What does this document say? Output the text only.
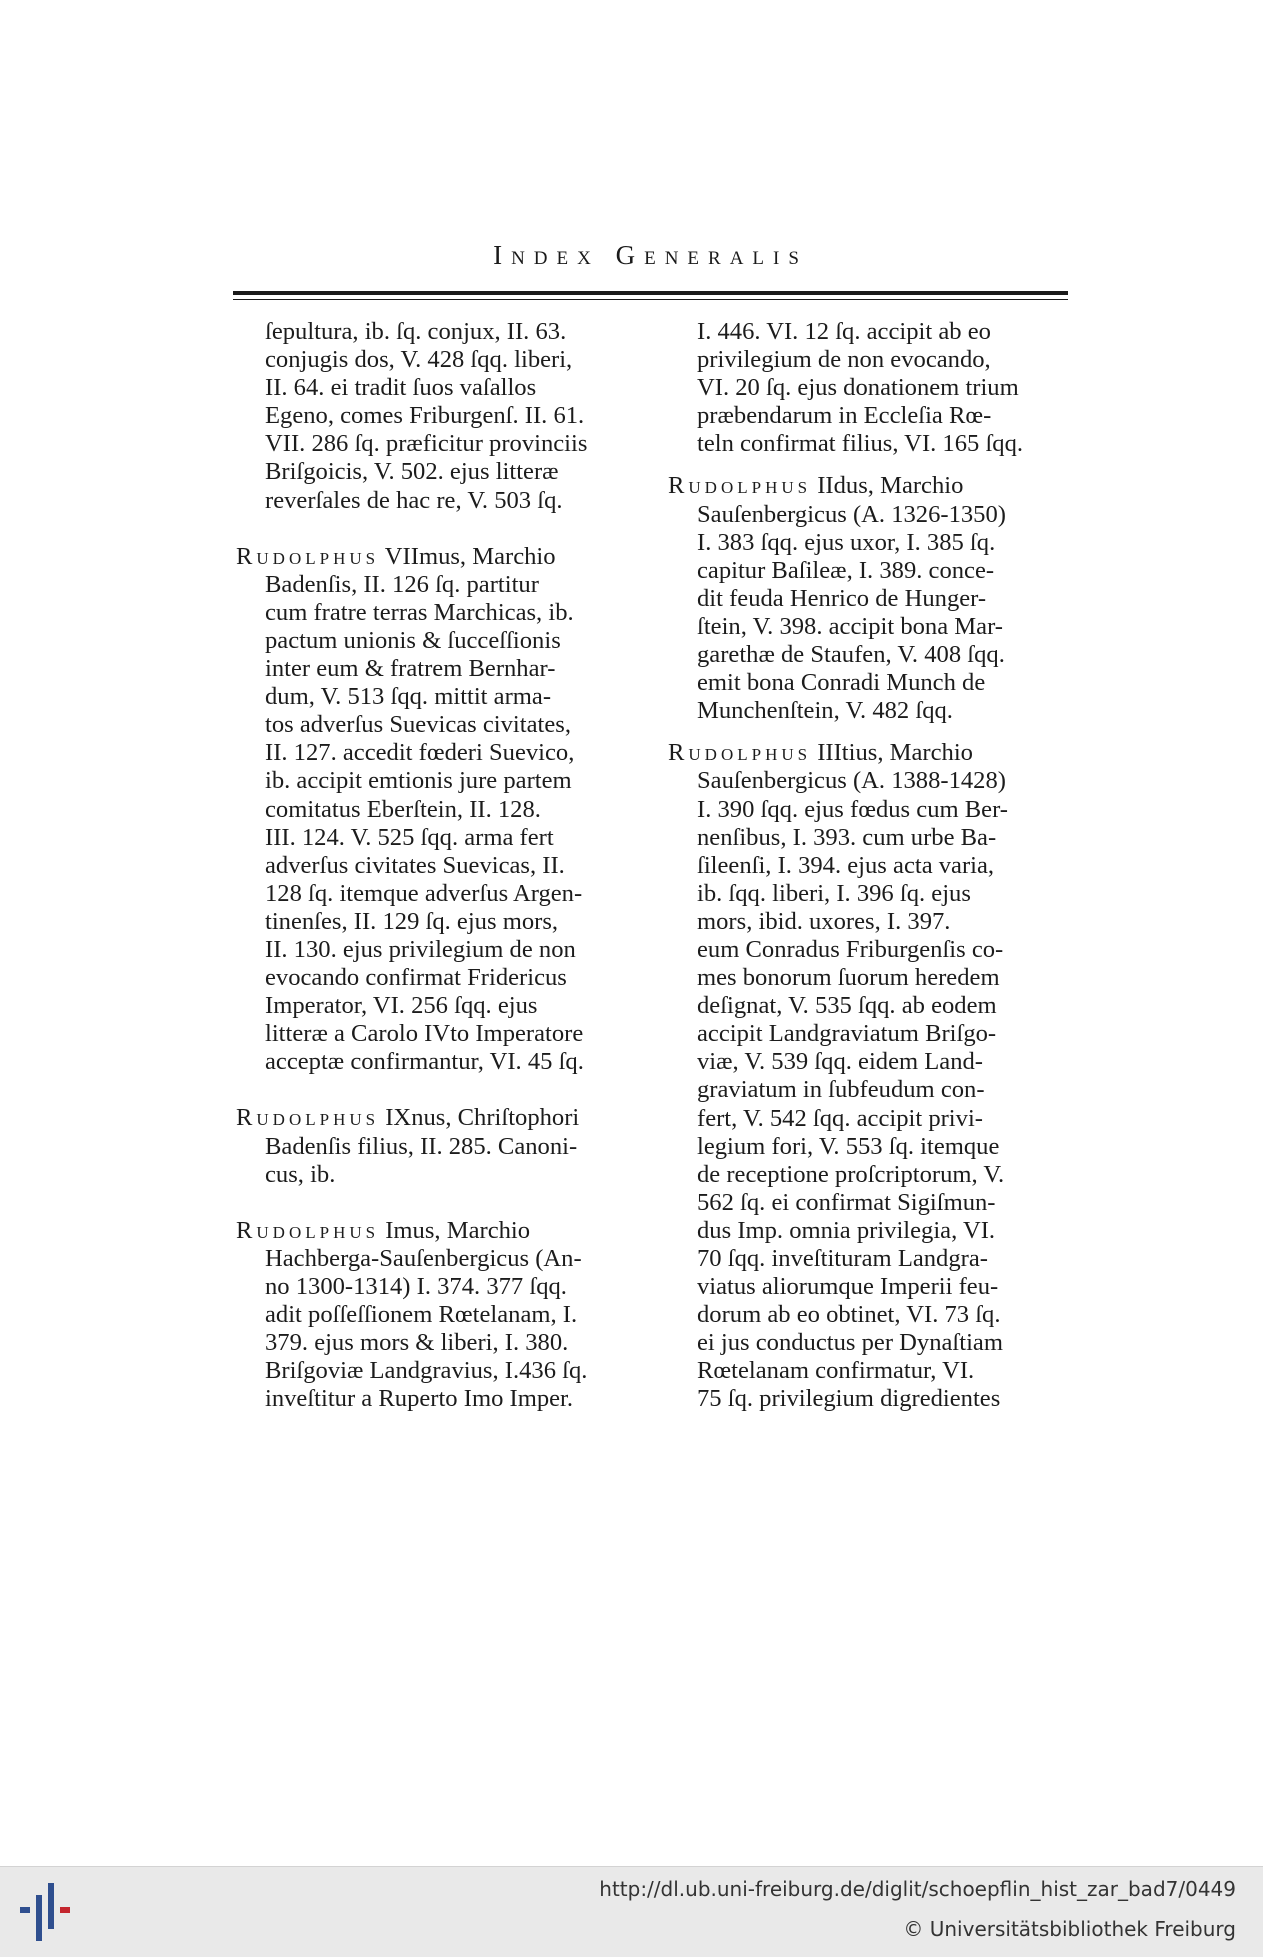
Index Generalis
ſepultura, ib. ſq. conjux, II. 63.
conjugis dos, V. 428 ſqq. liberi,
II. 64. ei tradit ſuos vaſallos
Egeno, comes Friburgenſ. II. 61.
VII. 286 ſq. præficitur provinciis
Briſgoicis, V. 502. ejus litteræ
reverſales de hac re, V. 503 ſq.
Rudolphus VIImus, Marchio
Badenſis, II. 126 ſq. partitur
cum fratre terras Marchicas, ib.
pactum unionis & ſucceſſionis
inter eum & fratrem Bernhar-
dum, V. 513 ſqq. mittit arma-
tos adverſus Suevicas civitates,
II. 127. accedit fœderi Suevico,
ib. accipit emtionis jure partem
comitatus Eberſtein, II. 128.
III. 124. V. 525 ſqq. arma fert
adverſus civitates Suevicas, II.
128 ſq. itemque adverſus Argen-
tinenſes, II. 129 ſq. ejus mors,
II. 130. ejus privilegium de non
evocando confirmat Fridericus
Imperator, VI. 256 ſqq. ejus
litteræ a Carolo IVto Imperatore
acceptæ confirmantur, VI. 45 ſq.
Rudolphus IXnus, Chriſtophori
Badenſis filius, II. 285. Canoni-
cus, ib.
Rudolphus Imus, Marchio
Hachberga-Sauſenbergicus (An-
no 1300-1314) I. 374. 377 ſqq.
adit poſſeſſionem Rœtelanam, I.
379. ejus mors & liberi, I. 380.
Briſgoviæ Landgravius, I.436 ſq.
inveſtitur a Ruperto Imo Imper.
I. 446. VI. 12 ſq. accipit ab eo
privilegium de non evocando,
VI. 20 ſq. ejus donationem trium
præbendarum in Eccleſia Rœ-
teln confirmat filius, VI. 165 ſqq.
Rudolphus IIdus, Marchio
Sauſenbergicus (A. 1326-1350)
I. 383 ſqq. ejus uxor, I. 385 ſq.
capitur Baſileæ, I. 389. conce-
dit feuda Henrico de Hunger-
ſtein, V. 398. accipit bona Mar-
garethæ de Staufen, V. 408 ſqq.
emit bona Conradi Munch de
Munchenſtein, V. 482 ſqq.
Rudolphus IIItius, Marchio
Sauſenbergicus (A. 1388-1428)
I. 390 ſqq. ejus fœdus cum Ber-
nenſibus, I. 393. cum urbe Ba-
ſileenſi, I. 394. ejus acta varia,
ib. ſqq. liberi, I. 396 ſq. ejus
mors, ibid. uxores, I. 397.
eum Conradus Friburgenſis co-
mes bonorum ſuorum heredem
deſignat, V. 535 ſqq. ab eodem
accipit Landgraviatum Briſgo-
viæ, V. 539 ſqq. eidem Land-
graviatum in ſubfeudum con-
fert, V. 542 ſqq. accipit privi-
legium fori, V. 553 ſq. itemque
de receptione proſcriptorum, V.
562 ſq. ei confirmat Sigiſmun-
dus Imp. omnia privilegia, VI.
70 ſqq. inveſtituram Landgra-
viatus aliorumque Imperii feu-
dorum ab eo obtinet, VI. 73 ſq.
ei jus conductus per Dynaſtiam
Rœtelanam confirmatur, VI.
75 ſq. privilegium digredientes
http://dl.ub.uni-freiburg.de/diglit/schoepflin_hist_zar_bad7/0449
© Universitätsbibliothek Freiburg
